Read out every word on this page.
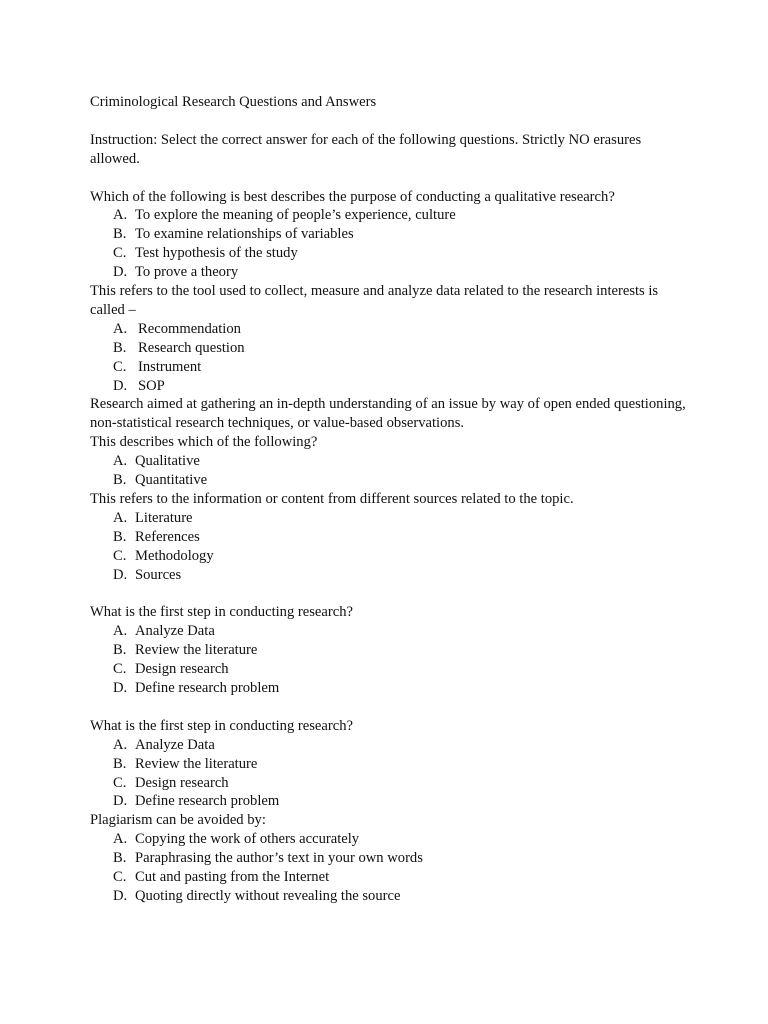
Criminological Research Questions and Answers

Instruction: Select the correct answer for each of the following questions. Strictly NO erasures allowed.

Which of the following is best describes the purpose of conducting a qualitative research?

A. To explore the meaning of people’s experience, culture
B. To examine relationships of variables
C. Test hypothesis of the study
D. To prove a theory

This refers to the tool used to collect, measure and analyze data related to the research interests is called –

A. Recommendation
B. Research question
C. Instrument
D. SOP

Research aimed at gathering an in-depth understanding of an issue by way of open ended questioning, non-statistical research techniques, or value-based observations.

This describes which of the following?

A. Qualitative
B. Quantitative

This refers to the information or content from different sources related to the topic.

A. Literature
B. References
C. Methodology
D. Sources

What is the first step in conducting research?

A. Analyze Data
B. Review the literature
C. Design research
D. Define research problem

What is the first step in conducting research?

A. Analyze Data
B. Review the literature
C. Design research
D. Define research problem

Plagiarism can be avoided by:

A. Copying the work of others accurately
B. Paraphrasing the author’s text in your own words
C. Cut and pasting from the Internet
D. Quoting directly without revealing the source
